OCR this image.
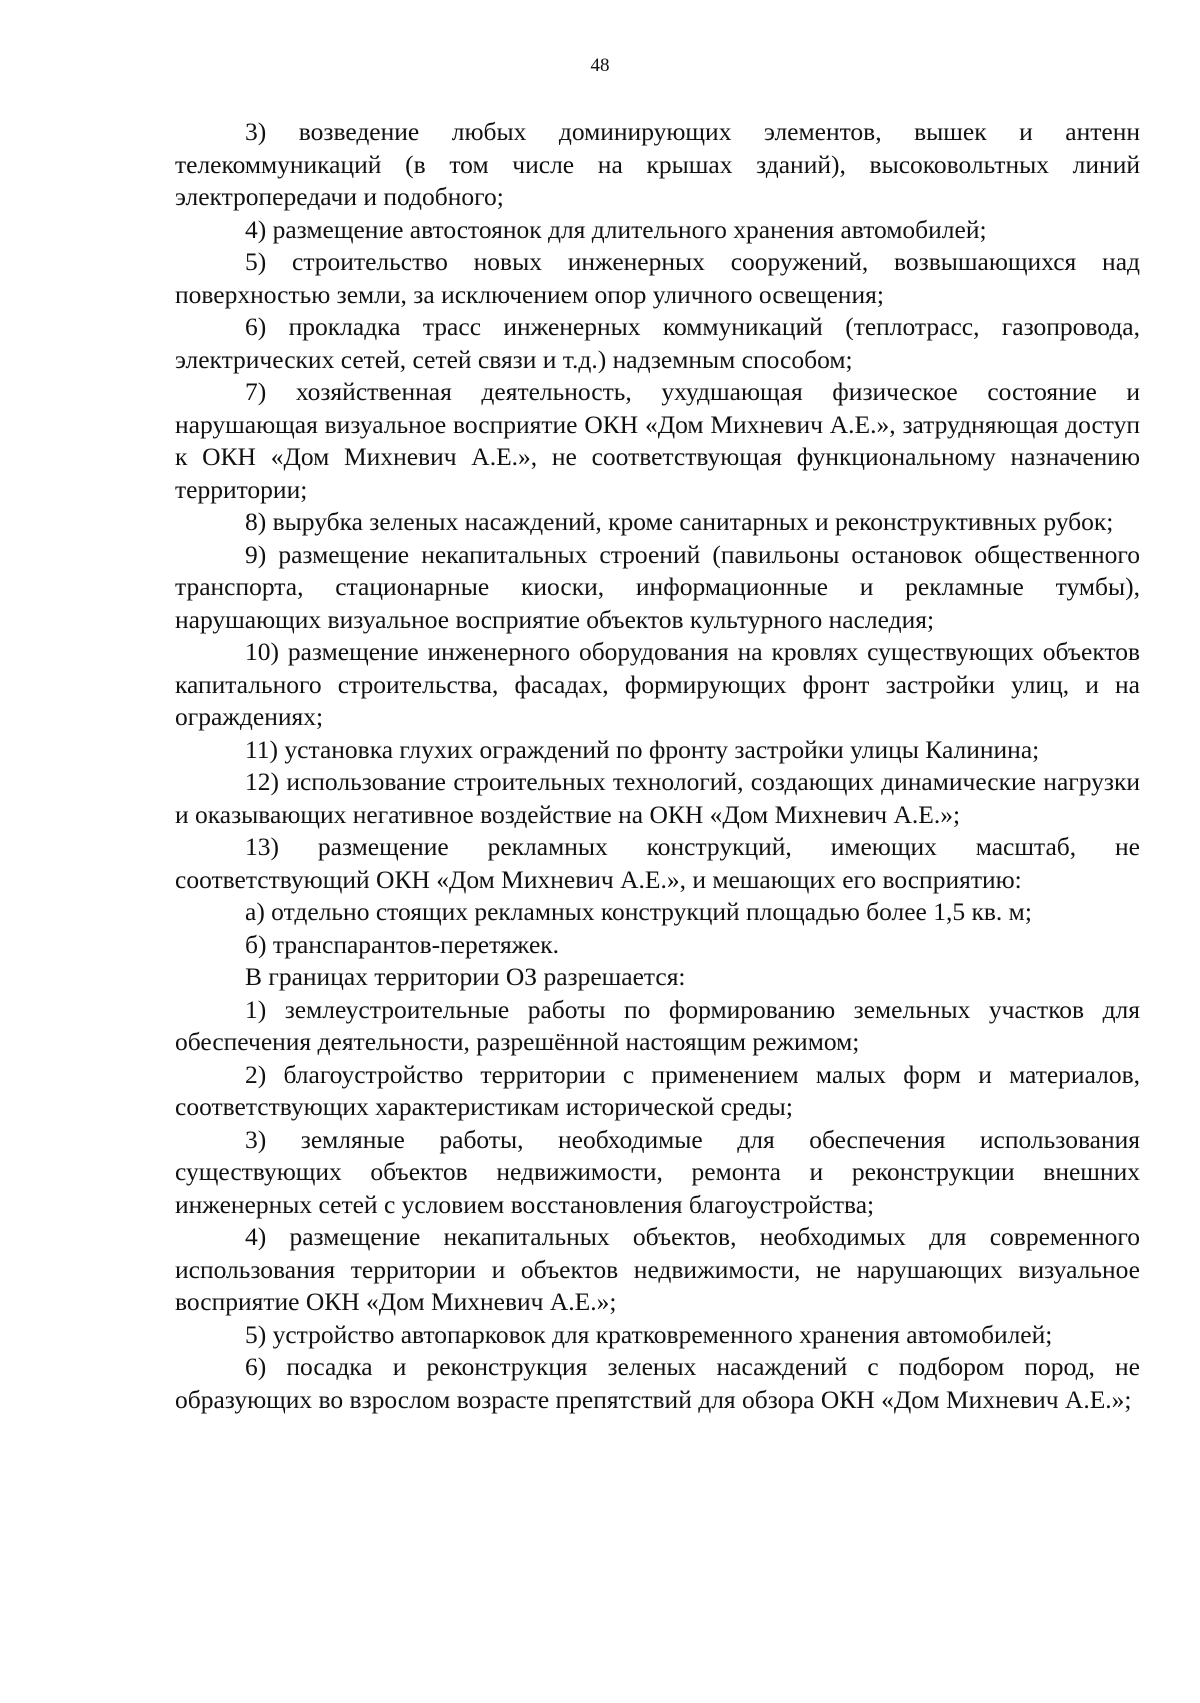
48

3) возведение любых доминирующих элементов, вышек и антенн телекоммуникаций (в том числе на крышах зданий), высоковольтных линий электропередачи и подобного;

4) размещение автостоянок для длительного хранения автомобилей;

5) строительство новых инженерных сооружений, возвышающихся над поверхностью земли, за исключением опор уличного освещения;

6) прокладка трасс инженерных коммуникаций (теплотрасс, газопровода, электрических сетей, сетей связи и т.д.) надземным способом;

7) хозяйственная деятельность, ухудшающая физическое состояние и нарушающая визуальное восприятие ОКН «Дом Михневич А.Е.», затрудняющая доступ к ОКН «Дом Михневич А.Е.», не соответствующая функциональному назначению территории;

8) вырубка зеленых насаждений, кроме санитарных и реконструктивных рубок;

9) размещение некапитальных строений (павильоны остановок общественного транспорта, стационарные киоски, информационные и рекламные тумбы), нарушающих визуальное восприятие объектов культурного наследия;

10) размещение инженерного оборудования на кровлях существующих объектов капитального строительства, фасадах, формирующих фронт застройки улиц, и на ограждениях;

11) установка глухих ограждений по фронту застройки улицы Калинина;

12) использование строительных технологий, создающих динамические нагрузки и оказывающих негативное воздействие на ОКН «Дом Михневич А.Е.»;

13) размещение рекламных конструкций, имеющих масштаб, не соответствующий ОКН «Дом Михневич А.Е.», и мешающих его восприятию:

а) отдельно стоящих рекламных конструкций площадью более 1,5 кв. м;

б) транспарантов-перетяжек.

В границах территории ОЗ разрешается:

1) землеустроительные работы по формированию земельных участков для обеспечения деятельности, разрешённой настоящим режимом;

2) благоустройство территории с применением малых форм и материалов, соответствующих характеристикам исторической среды;

3) земляные работы, необходимые для обеспечения использования существующих объектов недвижимости, ремонта и реконструкции внешних инженерных сетей с условием восстановления благоустройства;

4) размещение некапитальных объектов, необходимых для современного использования территории и объектов недвижимости, не нарушающих визуальное восприятие ОКН «Дом Михневич А.Е.»;

5) устройство автопарковок для кратковременного хранения автомобилей;

6) посадка и реконструкция зеленых насаждений с подбором пород, не образующих во взрослом возрасте препятствий для обзора ОКН «Дом Михневич А.Е.»;
